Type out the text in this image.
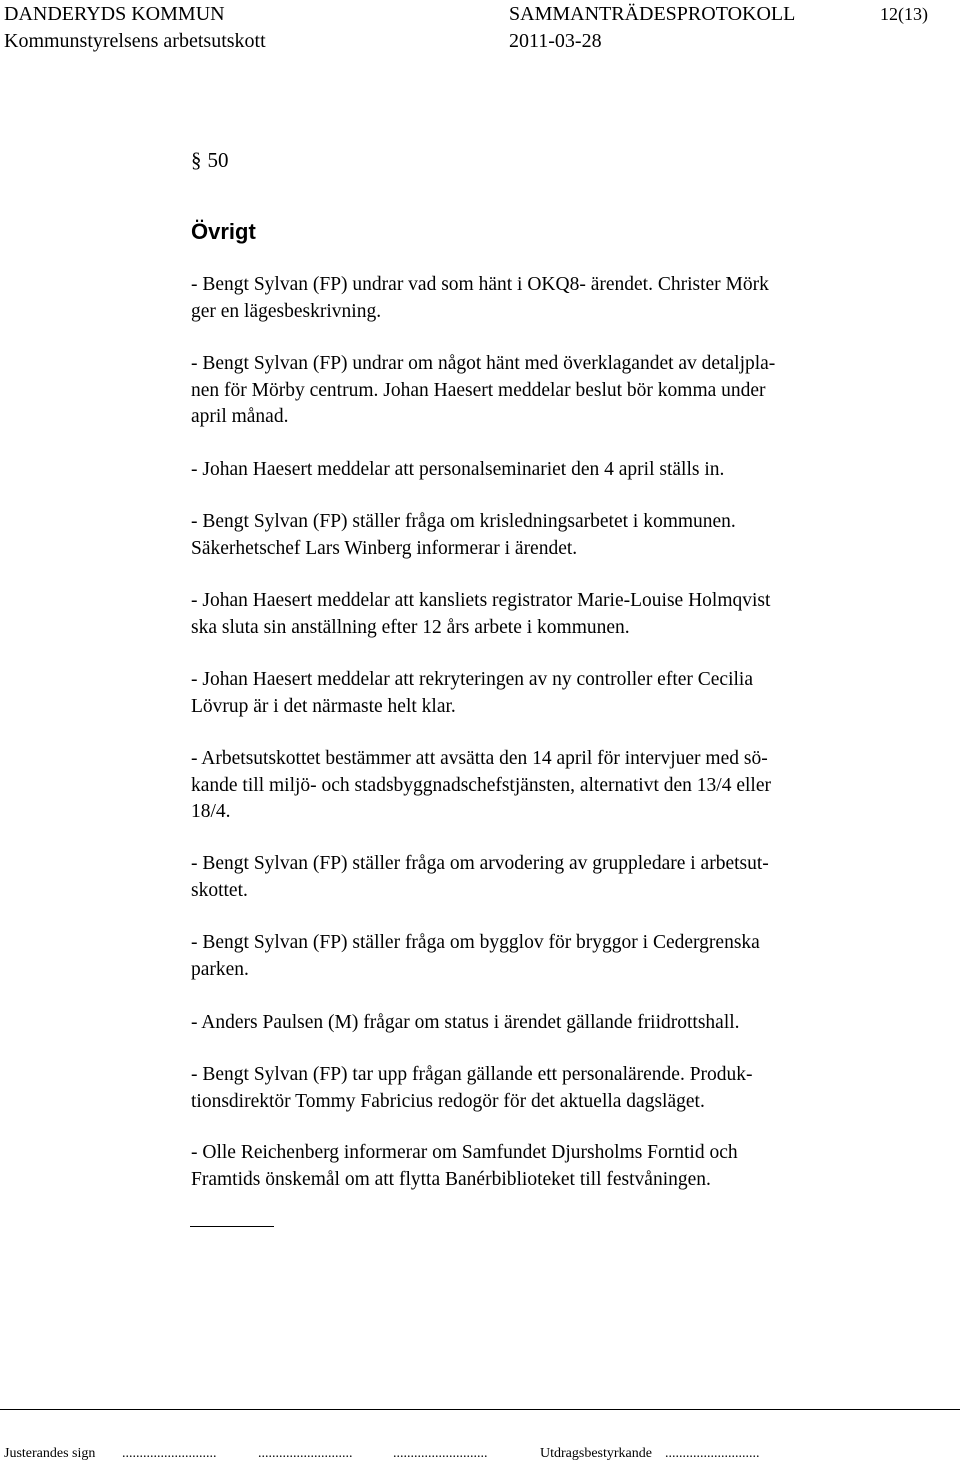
DANDERYDS KOMMUN
Kommunstyrelsens arbetsutskott
SAMMANTRÄDESPROTOKOLL
2011-03-28
12(13)
§ 50
Övrigt

- Bengt Sylvan (FP) undrar vad som hänt i OKQ8- ärendet. Christer Mörk
ger en lägesbeskrivning.

- Bengt Sylvan (FP) undrar om något hänt med överklagandet av detaljpla-
nen för Mörby centrum. Johan Haesert meddelar beslut bör komma under
april månad.

- Johan Haesert meddelar att personalseminariet den 4 april ställs in.

- Bengt Sylvan (FP) ställer fråga om krisledningsarbetet i kommunen.
Säkerhetschef Lars Winberg informerar i ärendet.

- Johan Haesert meddelar att kansliets registrator Marie-Louise Holmqvist
ska sluta sin anställning efter 12 års arbete i kommunen.

- Johan Haesert meddelar att rekryteringen av ny controller efter Cecilia
Lövrup är i det närmaste helt klar.

- Arbetsutskottet bestämmer att avsätta den 14 april för intervjuer med sö-
kande till miljö- och stadsbyggnadschefstjänsten, alternativt den 13/4 eller
18/4.

- Bengt Sylvan (FP) ställer fråga om arvodering av gruppledare i arbetsut-
skottet.

- Bengt Sylvan (FP) ställer fråga om bygglov för bryggor i Cedergrenska
parken.

- Anders Paulsen (M) frågar om status i ärendet gällande friidrottshall.

- Bengt Sylvan (FP) tar upp frågan gällande ett personalärende. Produk-
tionsdirektör Tommy Fabricius redogör för det aktuella dagsläget.

- Olle Reichenberg informerar om Samfundet Djursholms Forntid och
Framtids önskemål om att flytta Banérbiblioteket till festvåningen.

Justerandes sign ...........................	...........................	...........................	Utdragsbestyrkande ...........................
